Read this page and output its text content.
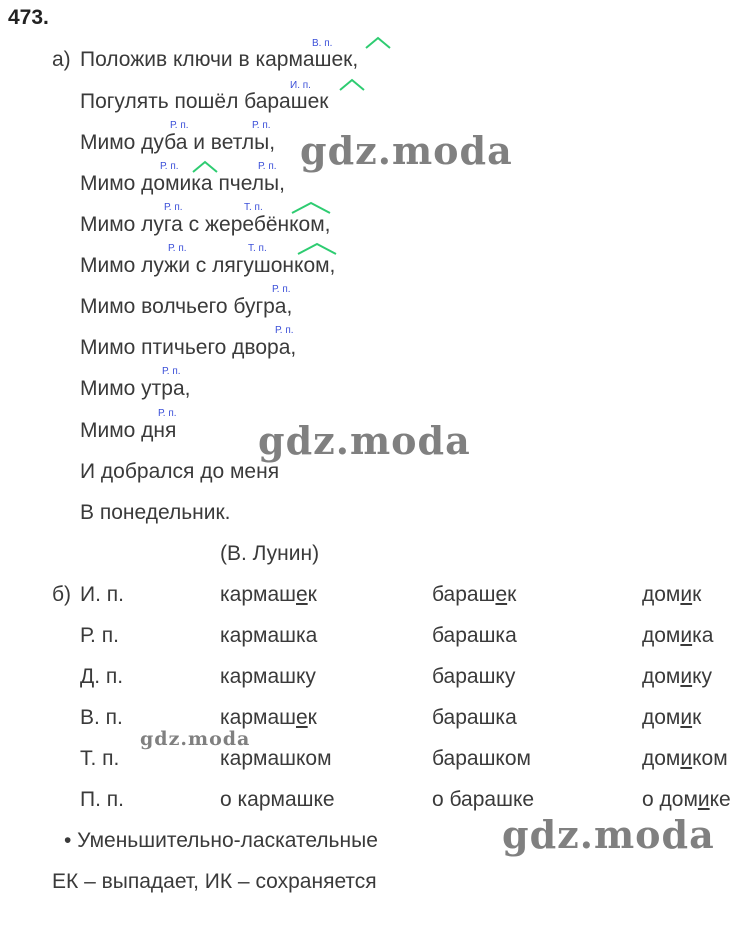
473.
а) Положив ключи в кармашек,
Погулять пошёл барашек
Мимо дуба и ветлы,
Мимо домика пчелы,
Мимо луга с жеребёнком,
Мимо лужи с лягушонком,
Мимо волчьего бугра,
Мимо птичьего двора,
Мимо утра,
Мимо дня
И добрался до меня
В понедельник.
(В. Лунин)
В. п.
И. п.
Р. п.	Р. п.
Р. п.	Р. п.
Р. п.	Т. п.
Р. п.	Т. п.
Р. п.
Р. п.
Р. п.
Р. п.
б) И. п.	кармашек	барашек	домик
Р. п.	кармашка	барашка	домика
Д. п.	кармашку	барашку	домику
В. п.	кармашек	барашка	домик
Т. п.	кармашком	барашком	домиком
П. п.	о кармашке	о барашке	о домике
• Уменьшительно-ласкательные
ЕК – выпадает, ИК – сохраняется
gdz.moda
gdz.moda
gdz.moda
gdz.moda
